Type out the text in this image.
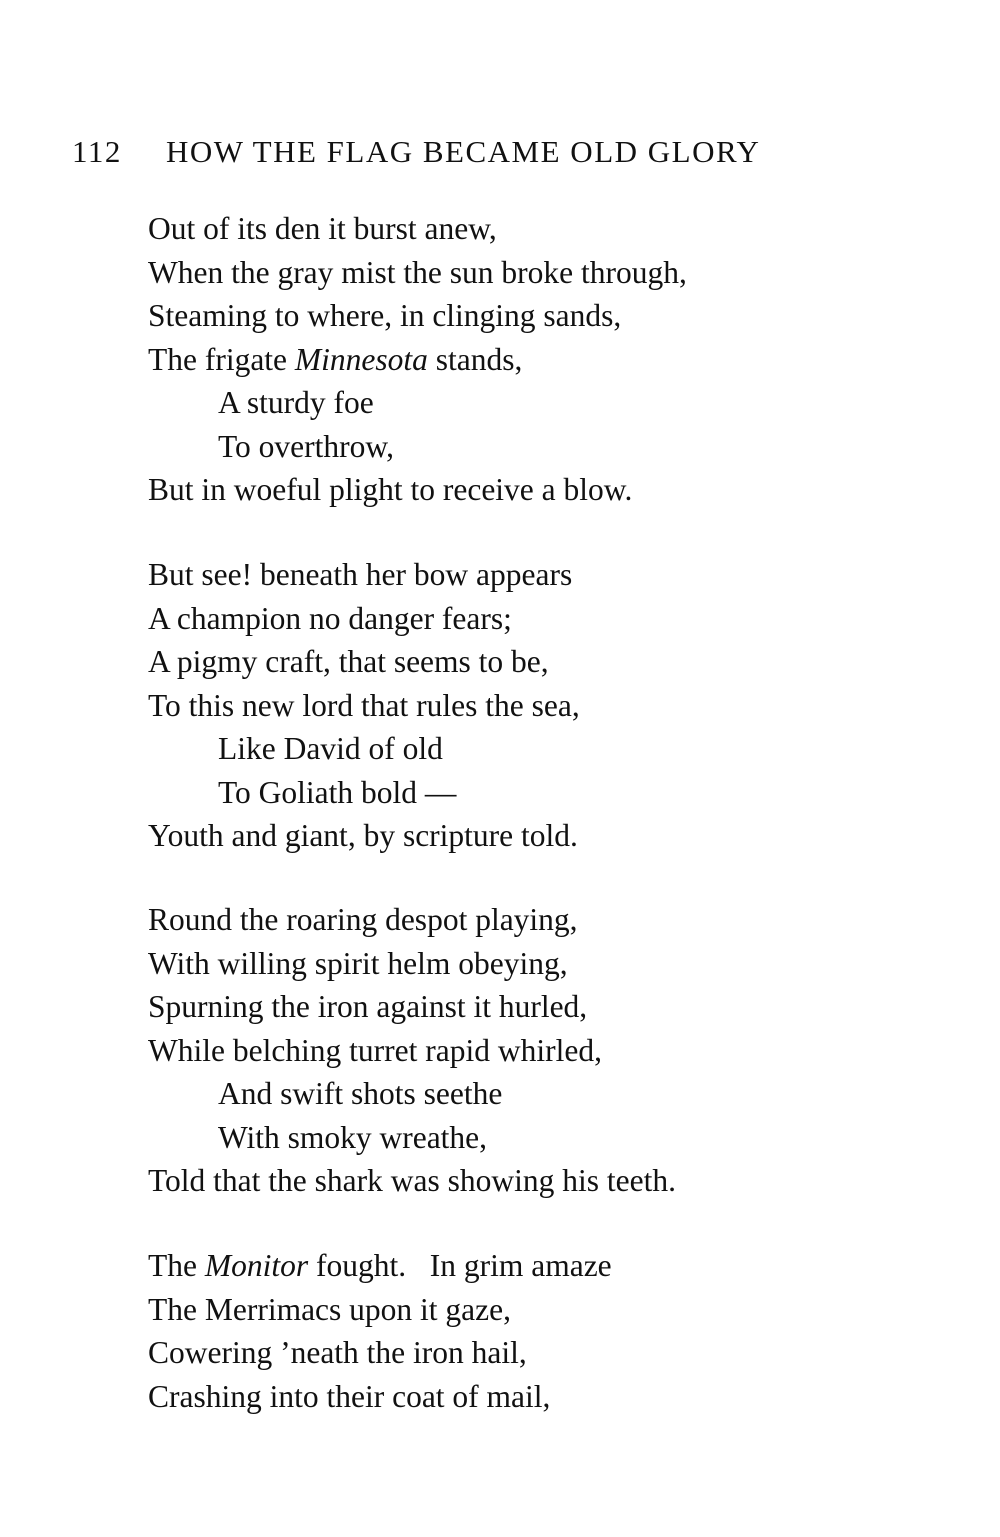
112 HOW THE FLAG BECAME OLD GLORY
Out of its den it burst anew,
When the gray mist the sun broke through,
Steaming to where, in clinging sands,
The frigate Minnesota stands,
A sturdy foe
To overthrow,
But in woeful plight to receive a blow.
But see! beneath her bow appears
A champion no danger fears;
A pigmy craft, that seems to be,
To this new lord that rules the sea,
Like David of old
To Goliath bold —
Youth and giant, by scripture told.
Round the roaring despot playing,
With willing spirit helm obeying,
Spurning the iron against it hurled,
While belching turret rapid whirled,
And swift shots seethe
With smoky wreathe,
Told that the shark was showing his teeth.
The Monitor fought.   In grim amaze
The Merrimacs upon it gaze,
Cowering ’neath the iron hail,
Crashing into their coat of mail,
